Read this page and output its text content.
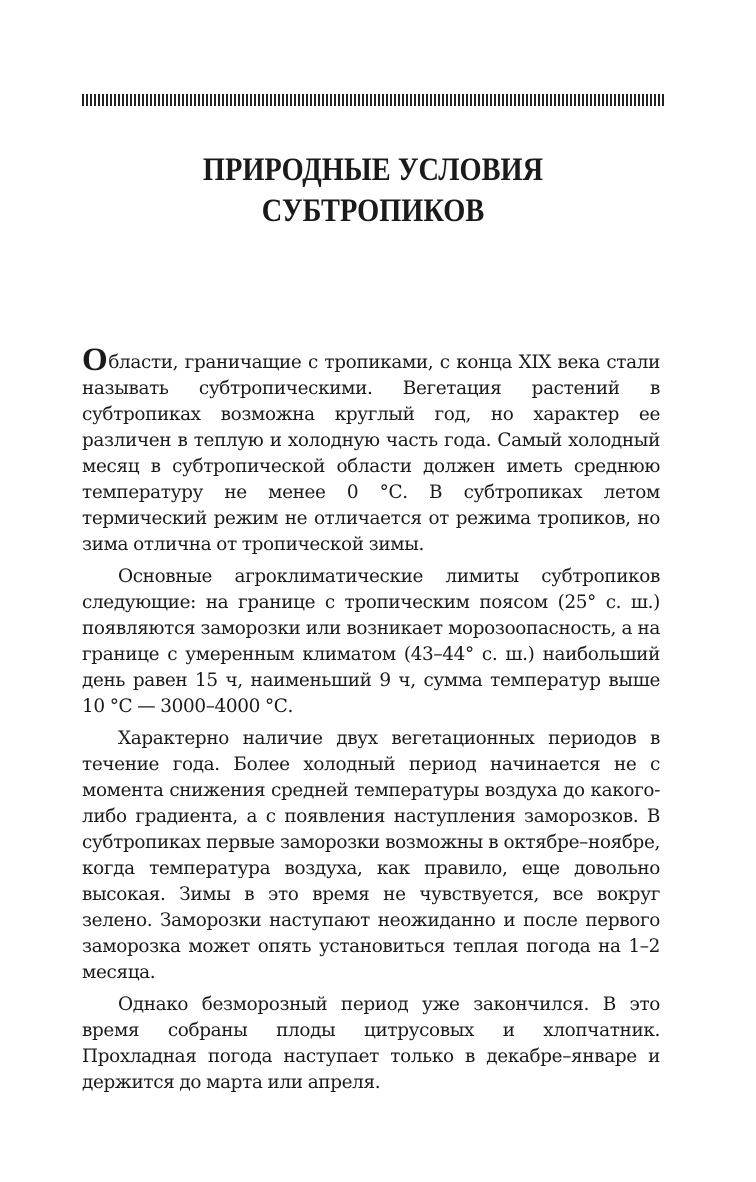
ПРИРОДНЫЕ УСЛОВИЯ
СУБТРОПИКОВ

Области, граничащие с тропиками, с конца XIX века стали называть субтропическими. Вегетация растений в субтропиках возможна круглый год, но характер ее различен в теплую и холодную часть года. Самый холодный месяц в субтропической области должен иметь среднюю температуру не менее 0 °С. В субтропиках летом термический режим не отличается от режима тропиков, но зима отлична от тропической зимы.

Основные агроклиматические лимиты субтропиков следующие: на границе с тропическим поясом (25° с. ш.) появляются заморозки или возникает морозоопасность, а на границе с умеренным климатом (43–44° с. ш.) наибольший день равен 15 ч, наименьший 9 ч, сумма температур выше 10 °С — 3000–4000 °С.

Характерно наличие двух вегетационных периодов в течение года. Более холодный период начинается не с момента снижения средней температуры воздуха до какого-либо градиента, а с появления наступления заморозков. В субтропиках первые заморозки возможны в октябре–ноябре, когда температура воздуха, как правило, еще довольно высокая. Зимы в это время не чувствуется, все вокруг зелено. Заморозки наступают неожиданно и после первого заморозка может опять установиться теплая погода на 1–2 месяца.

Однако безморозный период уже закончился. В это время собраны плоды цитрусовых и хлопчатник. Прохладная погода наступает только в декабре–январе и держится до марта или апреля.
